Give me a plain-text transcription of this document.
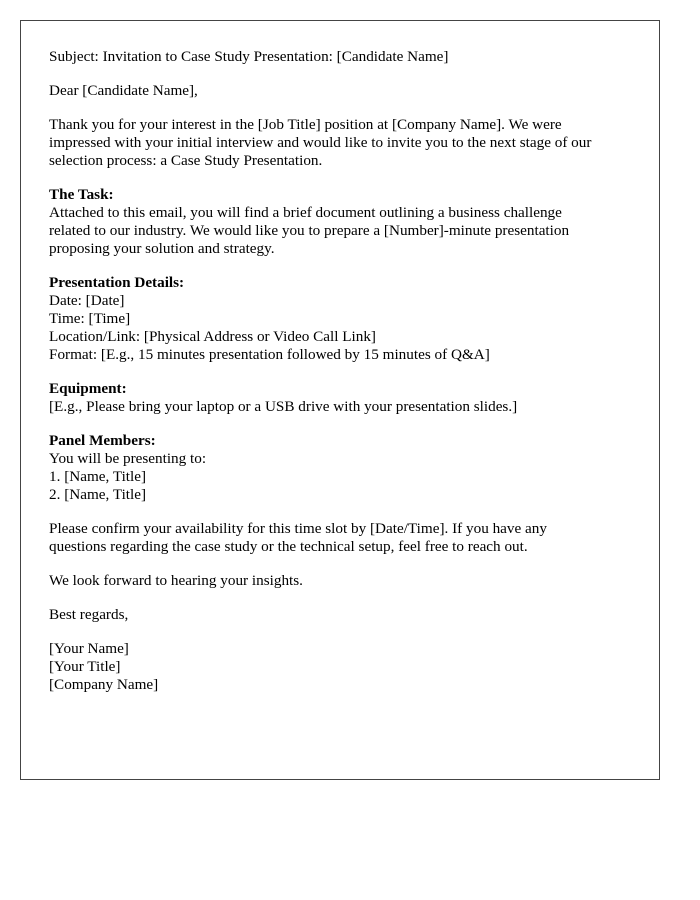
Subject: Invitation to Case Study Presentation: [Candidate Name]

Dear [Candidate Name],

Thank you for your interest in the [Job Title] position at [Company Name]. We were
impressed with your initial interview and would like to invite you to the next stage of our
selection process: a Case Study Presentation.

The Task:
Attached to this email, you will find a brief document outlining a business challenge
related to our industry. We would like you to prepare a [Number]-minute presentation
proposing your solution and strategy.

Presentation Details:
Date: [Date]
Time: [Time]
Location/Link: [Physical Address or Video Call Link]
Format: [E.g., 15 minutes presentation followed by 15 minutes of Q&A]

Equipment:
[E.g., Please bring your laptop or a USB drive with your presentation slides.]

Panel Members:
You will be presenting to:
1. [Name, Title]
2. [Name, Title]

Please confirm your availability for this time slot by [Date/Time]. If you have any
questions regarding the case study or the technical setup, feel free to reach out.

We look forward to hearing your insights.

Best regards,

[Your Name]
[Your Title]
[Company Name]
